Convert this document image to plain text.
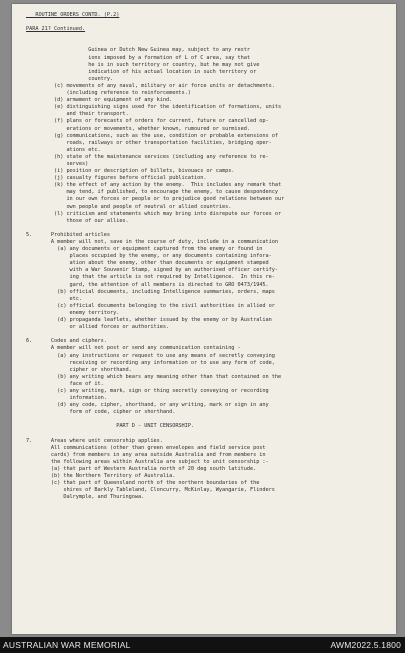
ROUTINE ORDERS CONTD. (P.2)
PARA 21? Continued.
Guinea or Dutch New Guinea may, subject to any restr
ions imposed by a formation of L of C area, say that
he is in such territory or country, but he may not give
indication of his actual location in such territory or
country.
(c) movements of any naval, military or air force units or detachments.
(including reference to reinforcements.)
(d) armament or equipment of any kind.
(e) distinguishing signs used for the identification of formations, units
and their transport.
(f) plans or forecasts of orders for current, future or cancelled op-
erations or movements, whether known, rumoured or surmised.
(g) communications, such as the use, condition or probable extensions of
roads, railways or other transportation facilities, bridging oper-
ations etc.
(h) state of the maintenance services (including any reference to re-
serves)
(i) position or description of billets, bivouacs or camps.
(j) casualty figures before official publication.
(k) the effect of any action by the enemy.  This includes any remark that
may tend, if published, to encourage the enemy, to cause despondency
in our own forces or people or to prejudice good relations between our
own people and people of neutral or allied countries.
(l) criticism and statements which may bring into disrepute our forces or
those of our allies.
5.      Prohibited articles
A member will not, save in the course of duty, include in a communication
(a) any documents or equipment captured from the enemy or found in
places occupied by the enemy, or any documents containing infora-
ation about the enemy, other than documents or equipment stamped
with a War Souvenir Stamp, signed by an authorised officer certify-
ing that the article is not required by Intelligence.  In this re-
gard, the attention of all members is directed to GRO 0473/1945.
(b) official documents, including Intelligence summaries, orders, maps
etc.
(c) official documents belonging to the civil authorities in allied or
enemy territory.
(d) propaganda leaflets, whether issued by the enemy or by Australian
or allied forces or authorities.
6.      Codes and ciphers.
A member will not post or send any communication containing -
(a) any instructions or request to use any means of secretly conveying
receiving or recording any information or to use any form of code,
cipher or shorthand.
(b) any writing which bears any meaning other than that contained on the
face of it.
(c) any writing, mark, sign or thing secretly conveying or recording
information.
(d) any code, cipher, shorthand, or any writing, mark or sign in any
form of code, cipher or shorthand.
PART D - UNIT CENSORSHIP.
7.      Areas where unit censorship applies.
All communications (other than green envelopes and field service post
cards) from members in any area outside Australia and from members in
the following areas within Australia are subject to unit censorship :-
(a) that part of Western Australia north of 20 deg south latitude.
(b) the Northern Territory of Australia.
(c) that part of Queensland north of the northern boundaries of the
shires of Barkly Tableland, Cloncurry, McKinlay, Wyangarie, Flinders
Dalrymple, and Thuringowa.
AUSTRALIAN WAR MEMORIAL	AWM2022.5.1800
